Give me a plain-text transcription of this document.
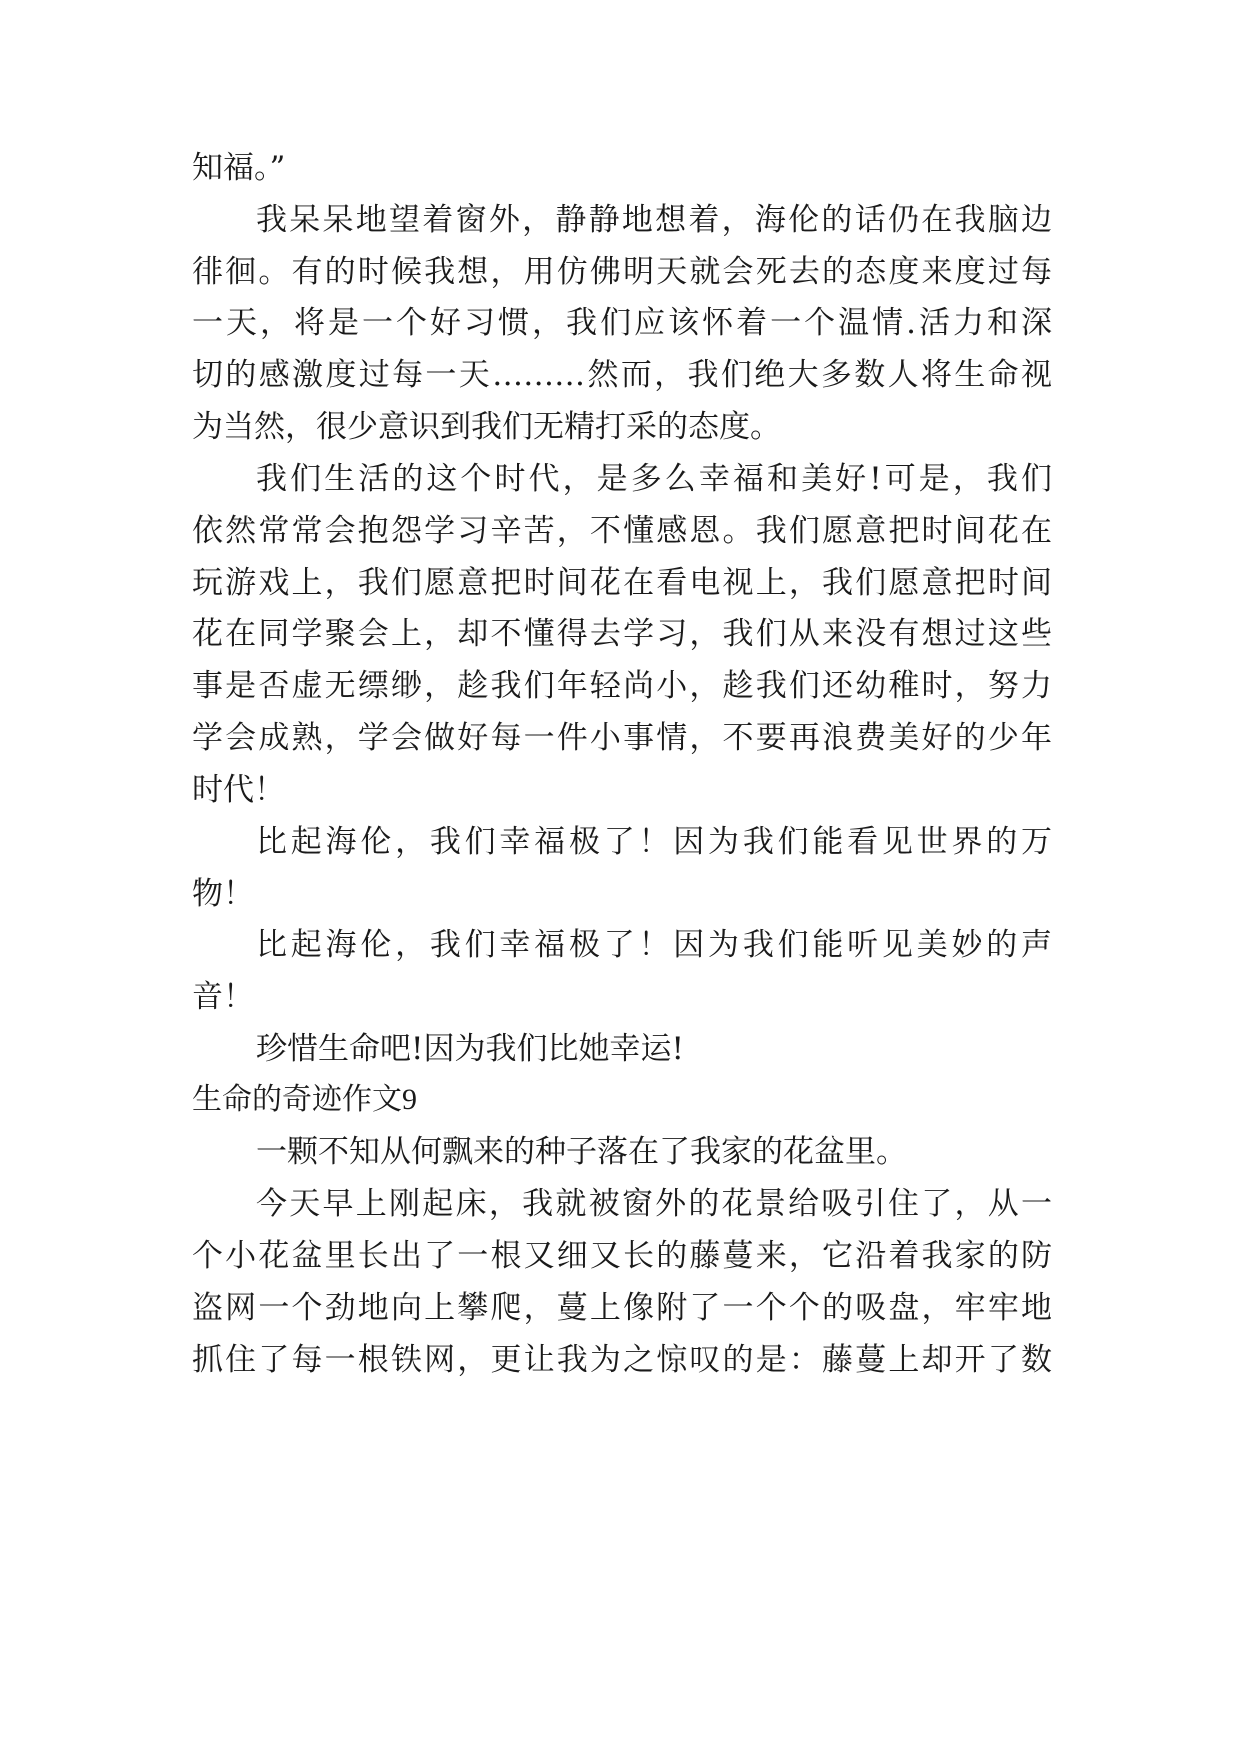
知福。”
我呆呆地望着窗外，静静地想着，海伦的话仍在我脑边
徘徊。有的时候我想，用仿佛明天就会死去的态度来度过每
一天，将是一个好习惯，我们应该怀着一个温情.活力和深
切的感激度过每一天………然而，我们绝大多数人将生命视
为当然，很少意识到我们无精打采的态度。
我们生活的这个时代，是多么幸福和美好!可是，我们
依然常常会抱怨学习辛苦，不懂感恩。我们愿意把时间花在
玩游戏上，我们愿意把时间花在看电视上，我们愿意把时间
花在同学聚会上，却不懂得去学习，我们从来没有想过这些
事是否虚无缥缈，趁我们年轻尚小，趁我们还幼稚时，努力
学会成熟，学会做好每一件小事情，不要再浪费美好的少年
时代！
比起海伦，我们幸福极了！因为我们能看见世界的万
物！
比起海伦，我们幸福极了！因为我们能听见美妙的声
音！
珍惜生命吧!因为我们比她幸运!
生命的奇迹作文9
一颗不知从何飘来的种子落在了我家的花盆里。
今天早上刚起床，我就被窗外的花景给吸引住了，从一
个小花盆里长出了一根又细又长的藤蔓来，它沿着我家的防
盗网一个劲地向上攀爬，蔓上像附了一个个的吸盘，牢牢地
抓住了每一根铁网，更让我为之惊叹的是：藤蔓上却开了数
